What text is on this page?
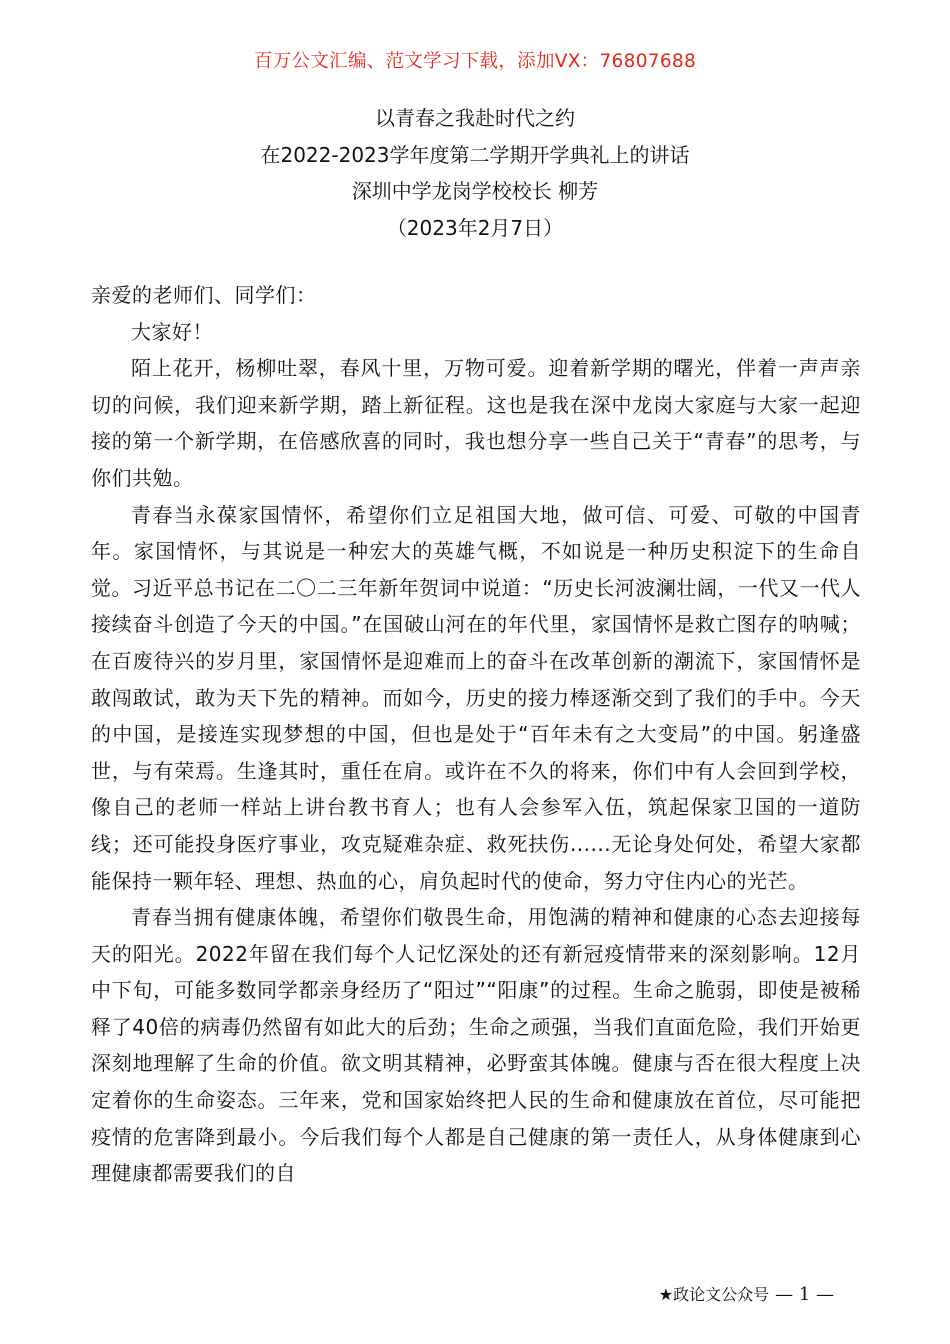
百万公文汇编、范文学习下载，添加VX：76807688
以青春之我赴时代之约
在2022-2023学年度第二学期开学典礼上的讲话
深圳中学龙岗学校校长 柳芳
（2023年2月7日）

亲爱的老师们、同学们：

大家好！

陌上花开，杨柳吐翠，春风十里，万物可爱。迎着新学期的曙光，伴着一声声亲切的问候，我们迎来新学期，踏上新征程。这也是我在深中龙岗大家庭与大家一起迎接的第一个新学期，在倍感欣喜的同时，我也想分享一些自己关于“青春”的思考，与你们共勉。

青春当永葆家国情怀，希望你们立足祖国大地，做可信、可爱、可敬的中国青年。家国情怀，与其说是一种宏大的英雄气概，不如说是一种历史积淀下的生命自觉。习近平总书记在二〇二三年新年贺词中说道：“历史长河波澜壮阔，一代又一代人接续奋斗创造了今天的中国。”在国破山河在的年代里，家国情怀是救亡图存的呐喊；在百废待兴的岁月里，家国情怀是迎难而上的奋斗在改革创新的潮流下，家国情怀是敢闯敢试，敢为天下先的精神。而如今，历史的接力棒逐渐交到了我们的手中。今天的中国，是接连实现梦想的中国，但也是处于“百年未有之大变局”的中国。躬逢盛世，与有荣焉。生逢其时，重任在肩。或许在不久的将来，你们中有人会回到学校，像自己的老师一样站上讲台教书育人；也有人会参军入伍，筑起保家卫国的一道防线；还可能投身医疗事业，攻克疑难杂症、救死扶伤......无论身处何处，希望大家都能保持一颗年轻、理想、热血的心，肩负起时代的使命，努力守住内心的光芒。

青春当拥有健康体魄，希望你们敬畏生命，用饱满的精神和健康的心态去迎接每天的阳光。2022年留在我们每个人记忆深处的还有新冠疫情带来的深刻影响。12月中下旬，可能多数同学都亲身经历了“阳过”“阳康”的过程。生命之脆弱，即使是被稀释了40倍的病毒仍然留有如此大的后劲；生命之顽强，当我们直面危险，我们开始更深刻地理解了生命的价值。欲文明其精神，必野蛮其体魄。健康与否在很大程度上决定着你的生命姿态。三年来，党和国家始终把人民的生命和健康放在首位，尽可能把疫情的危害降到最小。今后我们每个人都是自己健康的第一责任人，从身体健康到心理健康都需要我们的自

★政论文公众号 — 1 —
